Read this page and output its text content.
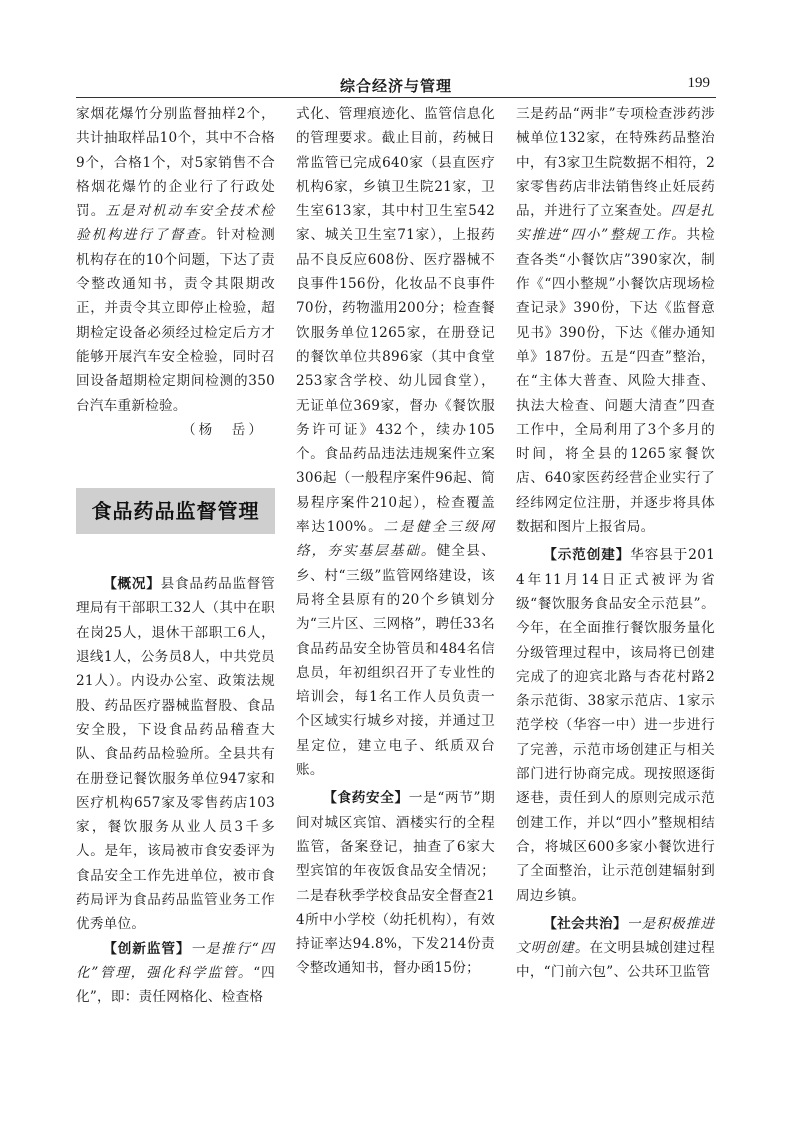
综合经济与管理	199

家烟花爆竹分别监督抽样2个，共计抽取样品10个，其中不合格9个，合格1个，对5家销售不合格烟花爆竹的企业行了行政处罚。五是对机动车安全技术检验机构进行了督查。针对检测机构存在的10个问题，下达了责令整改通知书，责令其限期改正，并责令其立即停止检验，超期检定设备必须经过检定后方才能够开展汽车安全检验，同时召回设备超期检定期间检测的350台汽车重新检验。

（杨　岳）

食品药品监督管理

【概况】县食品药品监督管理局有干部职工32人（其中在职在岗25人，退休干部职工6人，退线1人，公务员8人，中共党员21人）。内设办公室、政策法规股、药品医疗器械监督股、食品安全股，下设食品药品稽查大队、食品药品检验所。全县共有在册登记餐饮服务单位947家和医疗机构657家及零售药店103家，餐饮服务从业人员3千多人。是年，该局被市食安委评为食品安全工作先进单位，被市食药局评为食品药品监管业务工作优秀单位。

【创新监管】一是推行“四化”管理，强化科学监管。“四化”，即：责任网格化、检查格

式化、管理痕迹化、监管信息化的管理要求。截止目前，药械日常监管已完成640家（县直医疗机构6家，乡镇卫生院21家，卫生室613家，其中村卫生室542家、城关卫生室71家），上报药品不良反应608份、医疗器械不良事件156份，化妆品不良事件70份，药物滥用200分；检查餐饮服务单位1265家，在册登记的餐饮单位共896家（其中食堂253家含学校、幼儿园食堂），无证单位369家，督办《餐饮服务许可证》432个，续办105个。食品药品违法违规案件立案306起（一般程序案件96起、简易程序案件210起），检查覆盖率达100%。二是健全三级网络，夯实基层基础。健全县、乡、村“三级”监管网络建设，该局将全县原有的20个乡镇划分为“三片区、三网格”，聘任33名食品药品安全协管员和484名信息员，年初组织召开了专业性的培训会，每1名工作人员负责一个区域实行城乡对接，并通过卫星定位，建立电子、纸质双台账。

【食药安全】一是“两节”期间对城区宾馆、酒楼实行的全程监管，备案登记，抽查了6家大型宾馆的年夜饭食品安全情况；二是春秋季学校食品安全督查214所中小学校（幼托机构），有效持证率达94.8%，下发214份责令整改通知书，督办函15份；

三是药品“两非”专项检查涉药涉械单位132家，在特殊药品整治中，有3家卫生院数据不相符，2家零售药店非法销售终止妊辰药品，并进行了立案查处。四是扎实推进“四小”整规工作。共检查各类“小餐饮店”390家次，制作《“四小整规”小餐饮店现场检查记录》390份，下达《监督意见书》390份，下达《催办通知单》187份。五是“四查”整治，在“主体大普查、风险大排查、执法大检查、问题大清查”四查工作中，全局利用了3个多月的时间，将全县的1265家餐饮店、640家医药经营企业实行了经纬网定位注册，并逐步将具体数据和图片上报省局。

【示范创建】华容县于2014年11月14日正式被评为省级“餐饮服务食品安全示范县”。今年，在全面推行餐饮服务量化分级管理过程中，该局将已创建完成了的迎宾北路与杏花村路2条示范街、38家示范店、1家示范学校（华容一中）进一步进行了完善，示范市场创建正与相关部门进行协商完成。现按照逐街逐巷，责任到人的原则完成示范创建工作，并以“四小”整规相结合，将城区600多家小餐饮进行了全面整治，让示范创建辐射到周边乡镇。

【社会共治】一是积极推进文明创建。在文明县城创建过程中，“门前六包”、公共环卫监管
